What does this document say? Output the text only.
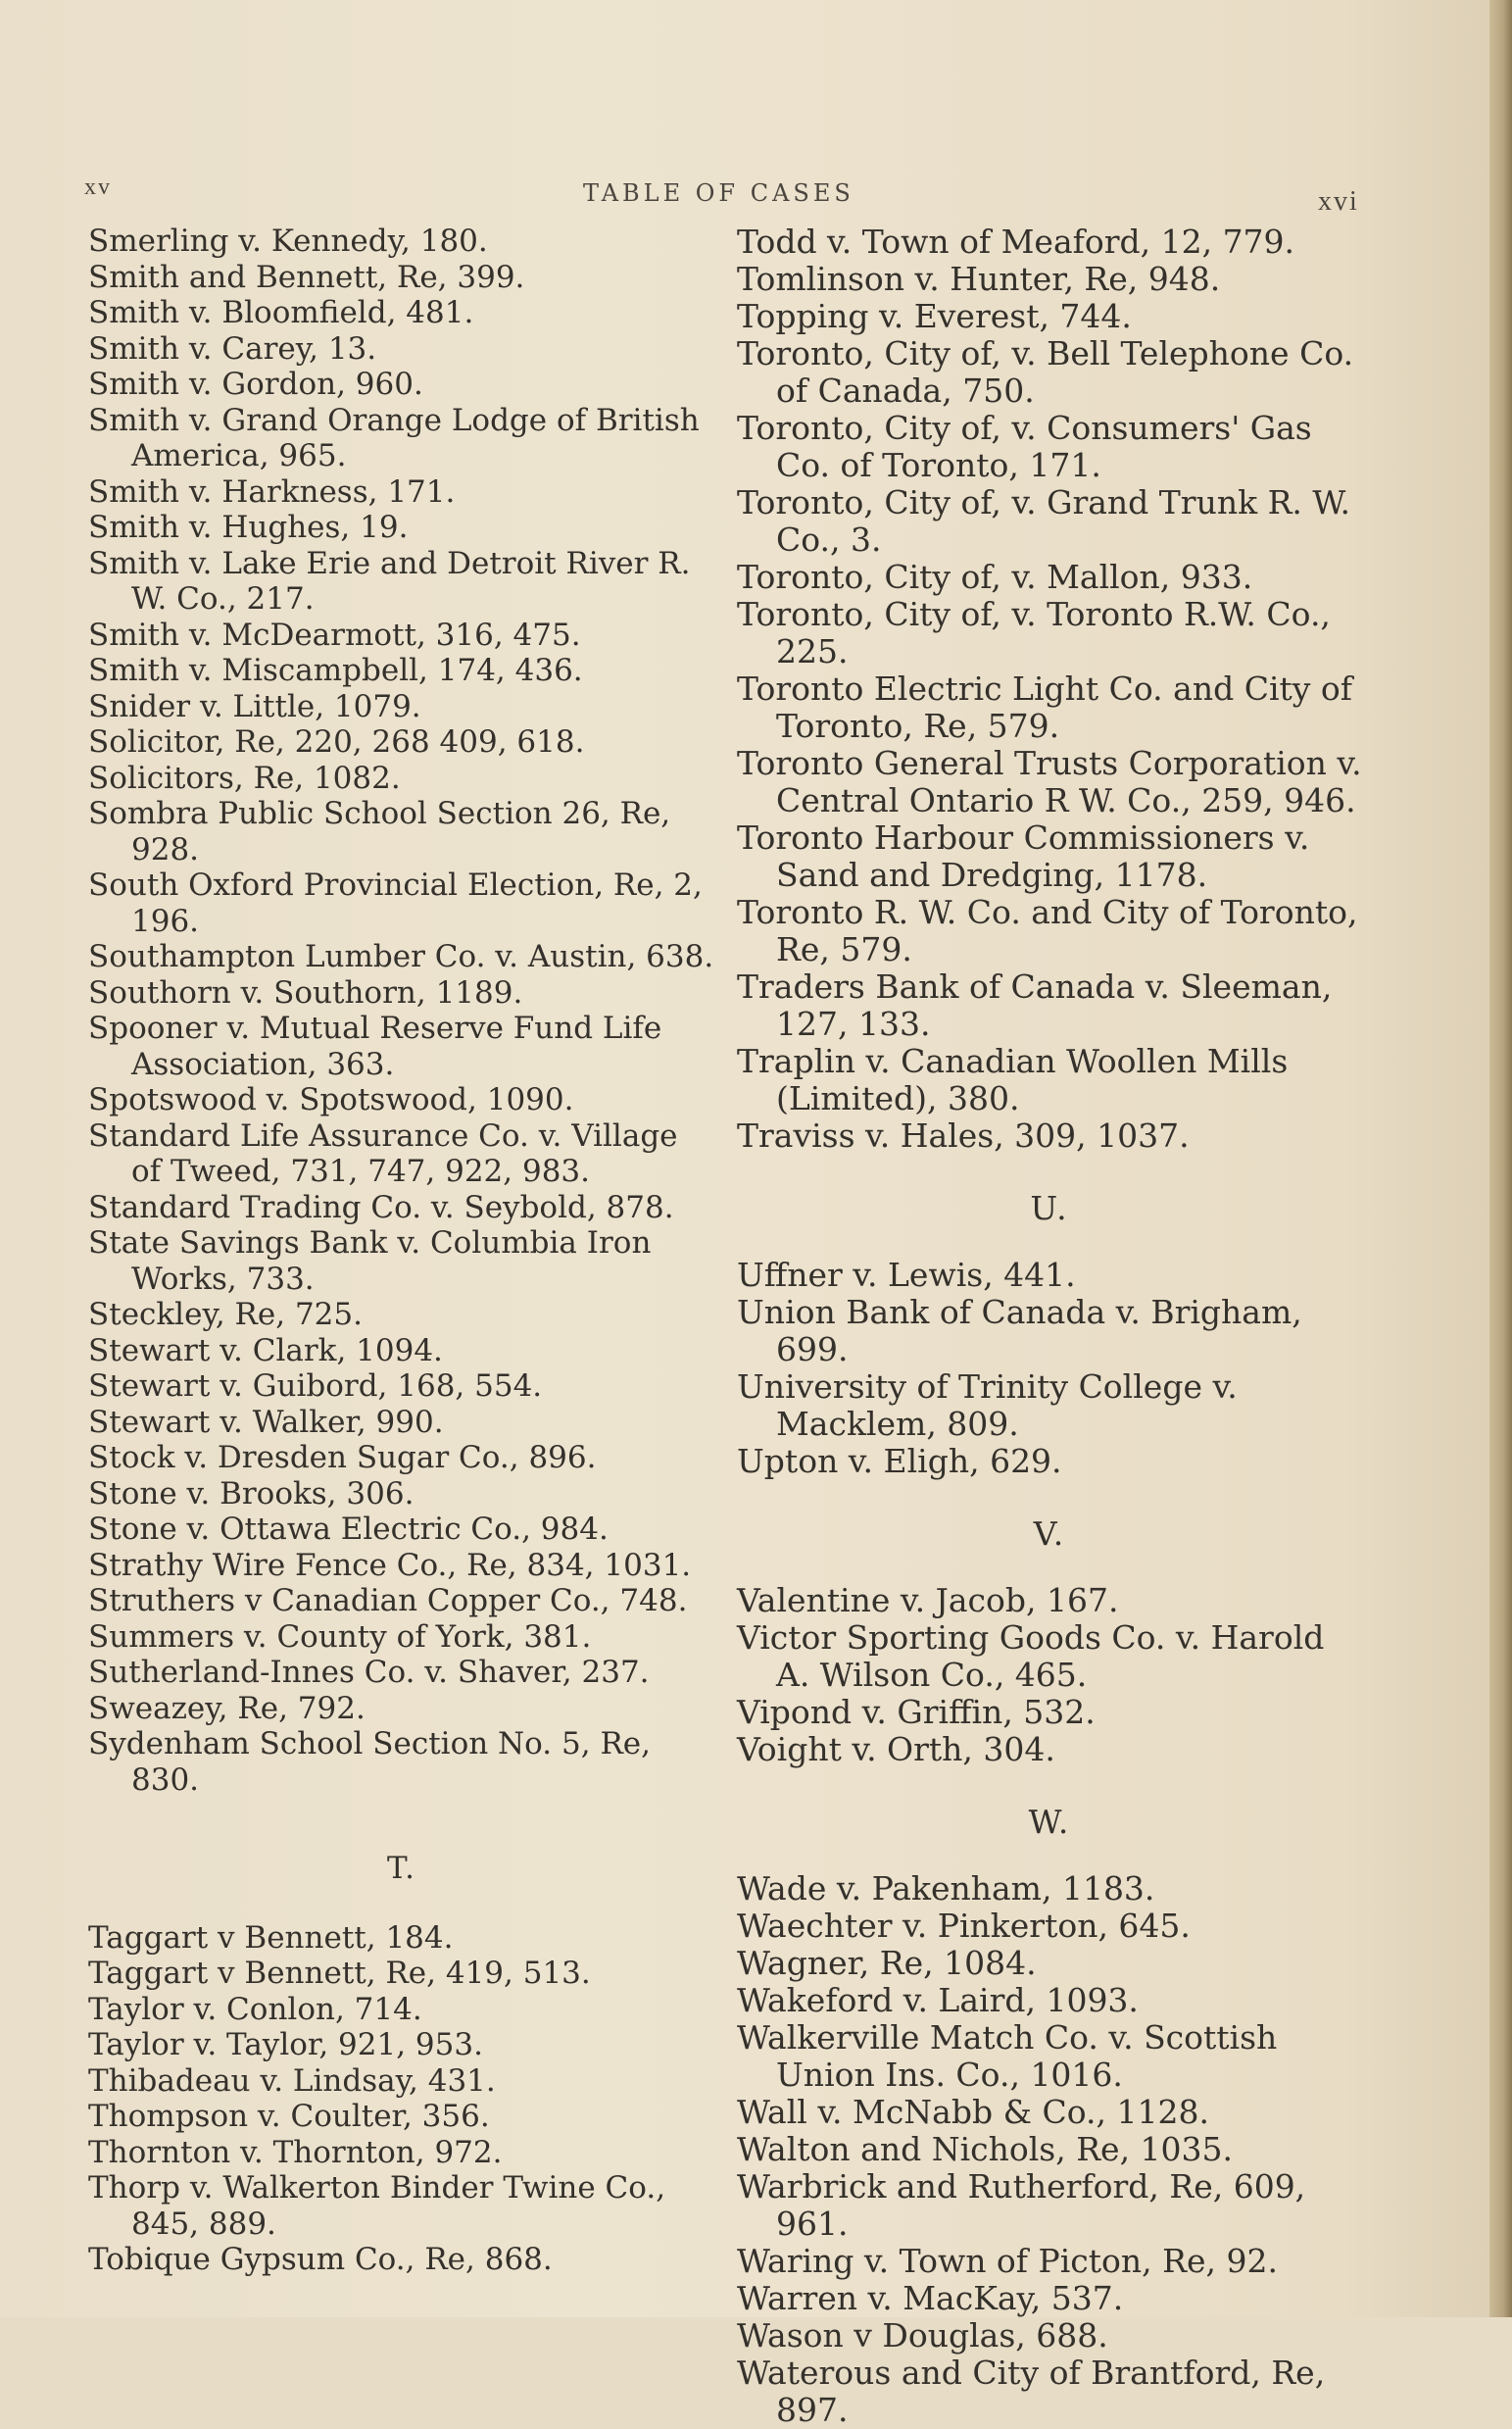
xv	TABLE OF CASES	xvi

Smerling v. Kennedy, 180.

Smith and Bennett, Re, 399.

Smith v. Bloomfield, 481.

Smith v. Carey, 13.

Smith v. Gordon, 960.

Smith v. Grand Orange Lodge of British America, 965.

Smith v. Harkness, 171.

Smith v. Hughes, 19.

Smith v. Lake Erie and Detroit River R. W. Co., 217.

Smith v. McDearmott, 316, 475.

Smith v. Miscampbell, 174, 436.

Snider v. Little, 1079.

Solicitor, Re, 220, 268 409, 618.

Solicitors, Re, 1082.

Sombra Public School Section 26, Re, 928.

South Oxford Provincial Election, Re, 2, 196.

Southampton Lumber Co. v. Austin, 638.

Southorn v. Southorn, 1189.

Spooner v. Mutual Reserve Fund Life Association, 363.

Spotswood v. Spotswood, 1090.

Standard Life Assurance Co. v. Village of Tweed, 731, 747, 922, 983.

Standard Trading Co. v. Seybold, 878.

State Savings Bank v. Columbia Iron Works, 733.

Steckley, Re, 725.

Stewart v. Clark, 1094.

Stewart v. Guibord, 168, 554.

Stewart v. Walker, 990.

Stock v. Dresden Sugar Co., 896.

Stone v. Brooks, 306.

Stone v. Ottawa Electric Co., 984.

Strathy Wire Fence Co., Re, 834, 1031.

Struthers v Canadian Copper Co., 748.

Summers v. County of York, 381.

Sutherland-Innes Co. v. Shaver, 237.

Sweazey, Re, 792.

Sydenham School Section No. 5, Re, 830.

T.

Taggart v Bennett, 184.

Taggart v Bennett, Re, 419, 513.

Taylor v. Conlon, 714.

Taylor v. Taylor, 921, 953.

Thibadeau v. Lindsay, 431.

Thompson v. Coulter, 356.

Thornton v. Thornton, 972.

Thorp v. Walkerton Binder Twine Co., 845, 889.

Tobique Gypsum Co., Re, 868.

Todd v. Town of Meaford, 12, 779.

Tomlinson v. Hunter, Re, 948.

Topping v. Everest, 744.

Toronto, City of, v. Bell Telephone Co. of Canada, 750.

Toronto, City of, v. Consumers' Gas Co. of Toronto, 171.

Toronto, City of, v. Grand Trunk R. W. Co., 3.

Toronto, City of, v. Mallon, 933.

Toronto, City of, v. Toronto R.W. Co., 225.

Toronto Electric Light Co. and City of Toronto, Re, 579.

Toronto General Trusts Corporation v. Central Ontario R W. Co., 259, 946.

Toronto Harbour Commissioners v. Sand and Dredging, 1178.

Toronto R. W. Co. and City of Toronto, Re, 579.

Traders Bank of Canada v. Sleeman, 127, 133.

Traplin v. Canadian Woollen Mills (Limited), 380.

Traviss v. Hales, 309, 1037.

U.

Uffner v. Lewis, 441.

Union Bank of Canada v. Brigham, 699.

University of Trinity College v. Macklem, 809.

Upton v. Eligh, 629.

V.

Valentine v. Jacob, 167.

Victor Sporting Goods Co. v. Harold A. Wilson Co., 465.

Vipond v. Griffin, 532.

Voight v. Orth, 304.

W.

Wade v. Pakenham, 1183.

Waechter v. Pinkerton, 645.

Wagner, Re, 1084.

Wakeford v. Laird, 1093.

Walkerville Match Co. v. Scottish Union Ins. Co., 1016.

Wall v. McNabb & Co., 1128.

Walton and Nichols, Re, 1035.

Warbrick and Rutherford, Re, 609, 961.

Waring v. Town of Picton, Re, 92.

Warren v. MacKay, 537.

Wason v Douglas, 688.

Waterous and City of Brantford, Re, 897.
